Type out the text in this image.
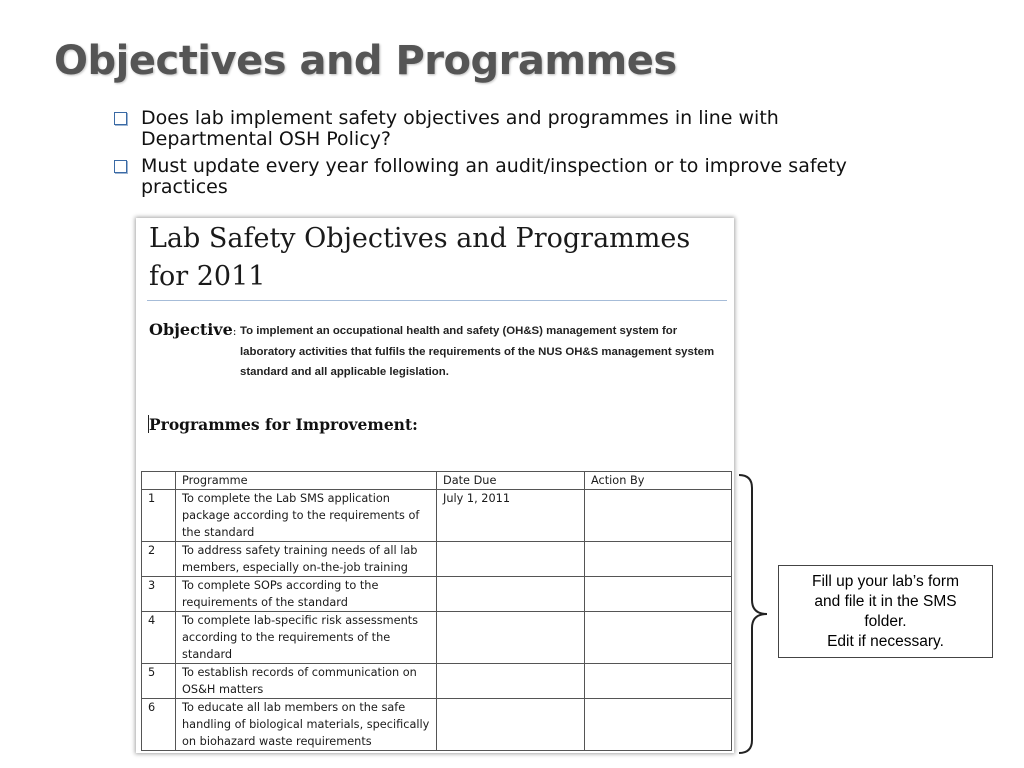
Objectives and Programmes
Does lab implement safety objectives and programmes in line with Departmental OSH Policy?
Must update every year following an audit/inspection or to improve safety practices
Lab Safety Objectives and Programmes for 2011
Objective: To implement an occupational health and safety (OH&S) management system for laboratory activities that fulfils the requirements of the NUS OH&S management system standard and all applicable legislation.
Programmes for Improvement:
	Programme	Date Due	Action By
1	To complete the Lab SMS application package according to the requirements of the standard	July 1, 2011	
2	To address safety training needs of all lab members, especially on-the-job training		
3	To complete SOPs according to the requirements of the standard		
4	To complete lab-specific risk assessments according to the requirements of the standard		
5	To establish records of communication on OS&H matters		
6	To educate all lab members on the safe handling of biological materials, specifically on biohazard waste requirements		
Fill up your lab’s form
and file it in the SMS
folder.
Edit if necessary.
